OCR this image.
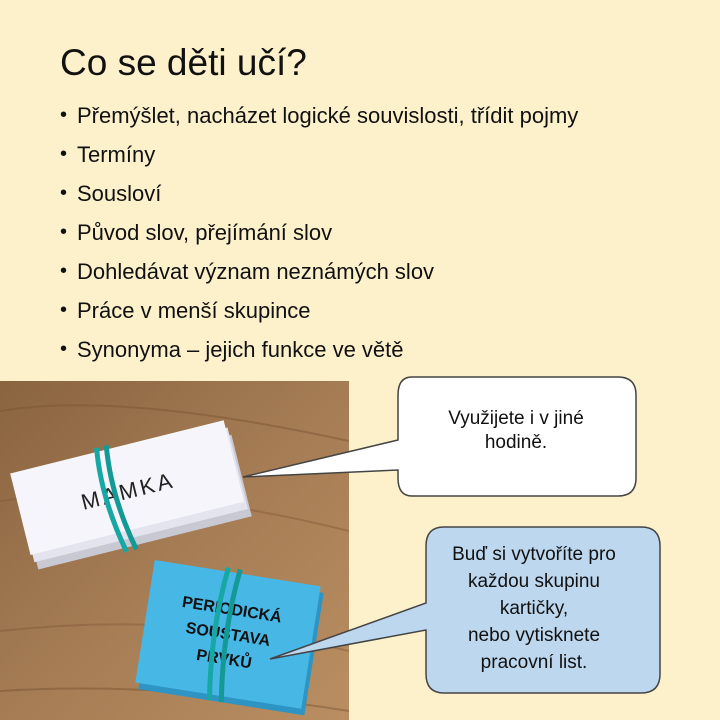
Co se děti učí?
• Přemýšlet, nacházet logické souvislosti, třídit pojmy
• Termíny
• Sousloví
• Původ slov, přejímání slov
• Dohledávat význam neznámých slov
• Práce v menší skupince
• Synonyma – jejich funkce ve větě
MAMKA
PERIODICKÁ
SOUSTAVA
PRVKŮ
Využijete i v jiné
hodině.
Buď si vytvoříte pro
každou skupinu
kartičky,
nebo vytisknete
pracovní list.
